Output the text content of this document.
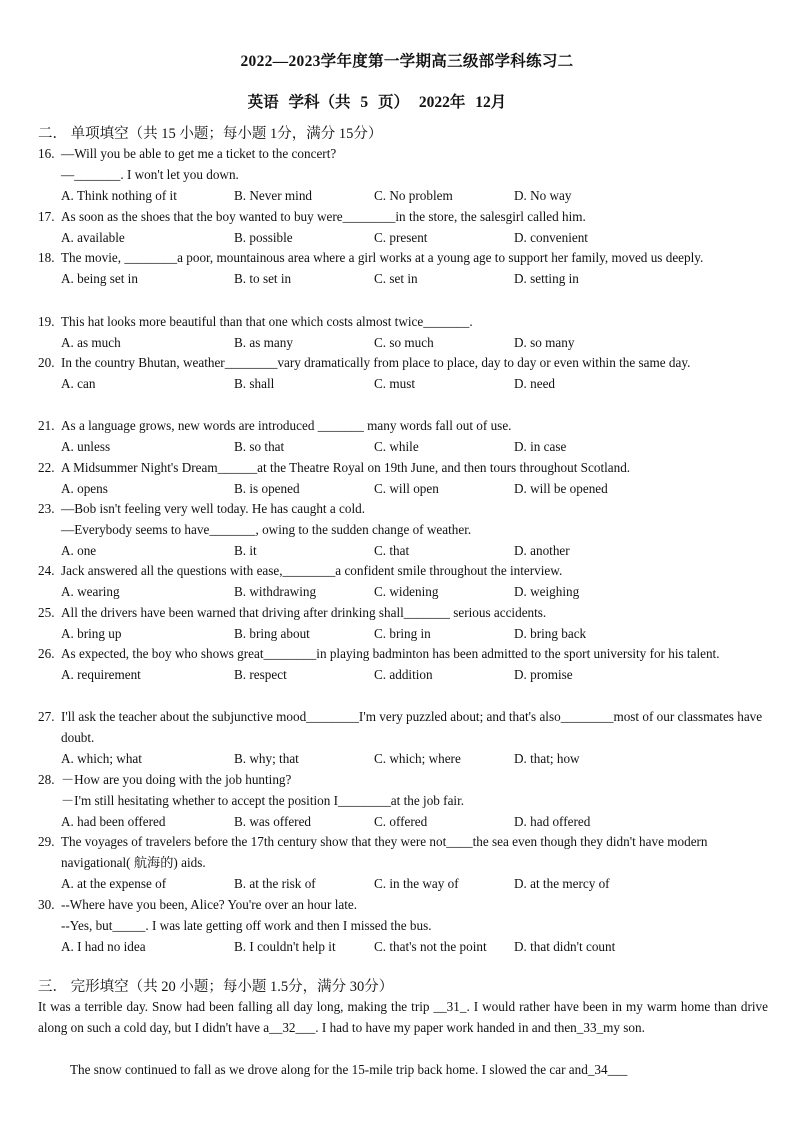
2022—2023学年度第一学期高三级部学科练习二
英语 学科（共 5 页） 2022年 12月
二． 单项填空（共 15 小题；每小题 1分，满分 15分）
16. —Will you be able to get me a ticket to the concert?
—_______. I won't let you down.
A. Think nothing of it	B. Never mind	C. No problem	D. No way
17. As soon as the shoes that the boy wanted to buy were________in the store, the salesgirl called him.
A. available	B. possible	C. present	D. convenient
18. The movie, ________a poor, mountainous area where a girl works at a young age to support her family, moved us deeply.
A. being set in	B. to set in	C. set in	D. setting in
19. This hat looks more beautiful than that one which costs almost twice_______.
A. as much	B. as many	C. so much	D. so many
20. In the country Bhutan, weather________vary dramatically from place to place, day to day or even within the same day.
A. can	B. shall	C. must	D. need
21. As a language grows, new words are introduced _______ many words fall out of use.
A. unless	B. so that	C. while	D. in case
22. A Midsummer Night's Dream______at the Theatre Royal on 19th June, and then tours throughout Scotland.
A. opens	B. is opened	C. will open	D. will be opened
23. —Bob isn't feeling very well today. He has caught a cold.
—Everybody seems to have_______, owing to the sudden change of weather.
A. one	B. it	C. that	D. another
24. Jack answered all the questions with ease,________a confident smile throughout the interview.
A. wearing	B. withdrawing	C. widening	D. weighing
25. All the drivers have been warned that driving after drinking shall_______ serious accidents.
A. bring up	B. bring about	C. bring in	D. bring back
26. As expected, the boy who shows great________in playing badminton has been admitted to the sport university for his talent.
A. requirement	B. respect	C. addition	D. promise
27. I'll ask the teacher about the subjunctive mood________I'm very puzzled about; and that's also________most of our classmates have doubt.
A. which; what	B. why; that	C. which; where	D. that; how
28. －How are you doing with the job hunting?
－I'm still hesitating whether to accept the position I________at the job fair.
A. had been offered	B. was offered	C. offered	D. had offered
29. The voyages of travelers before the 17th century show that they were not____the sea even though they didn't have modern navigational( 航海的) aids.
A. at the expense of	B. at the risk of	C. in the way of	D. at the mercy of
30. --Where have you been, Alice? You're over an hour late.
--Yes, but_____. I was late getting off work and then I missed the bus.
A. I had no idea	B. I couldn't help it	C. that's not the point D. that didn't count
三． 完形填空（共 20 小题；每小题 1.5分，满分 30分）
It was a terrible day. Snow had been falling all day long, making the trip __31_. I would rather have been in my warm home than drive along on such a cold day, but I didn't have a__32___. I had to have my paper work handed in and then_33_my son.
The snow continued to fall as we drove along for the 15-mile trip back home. I slowed the car and_34___
